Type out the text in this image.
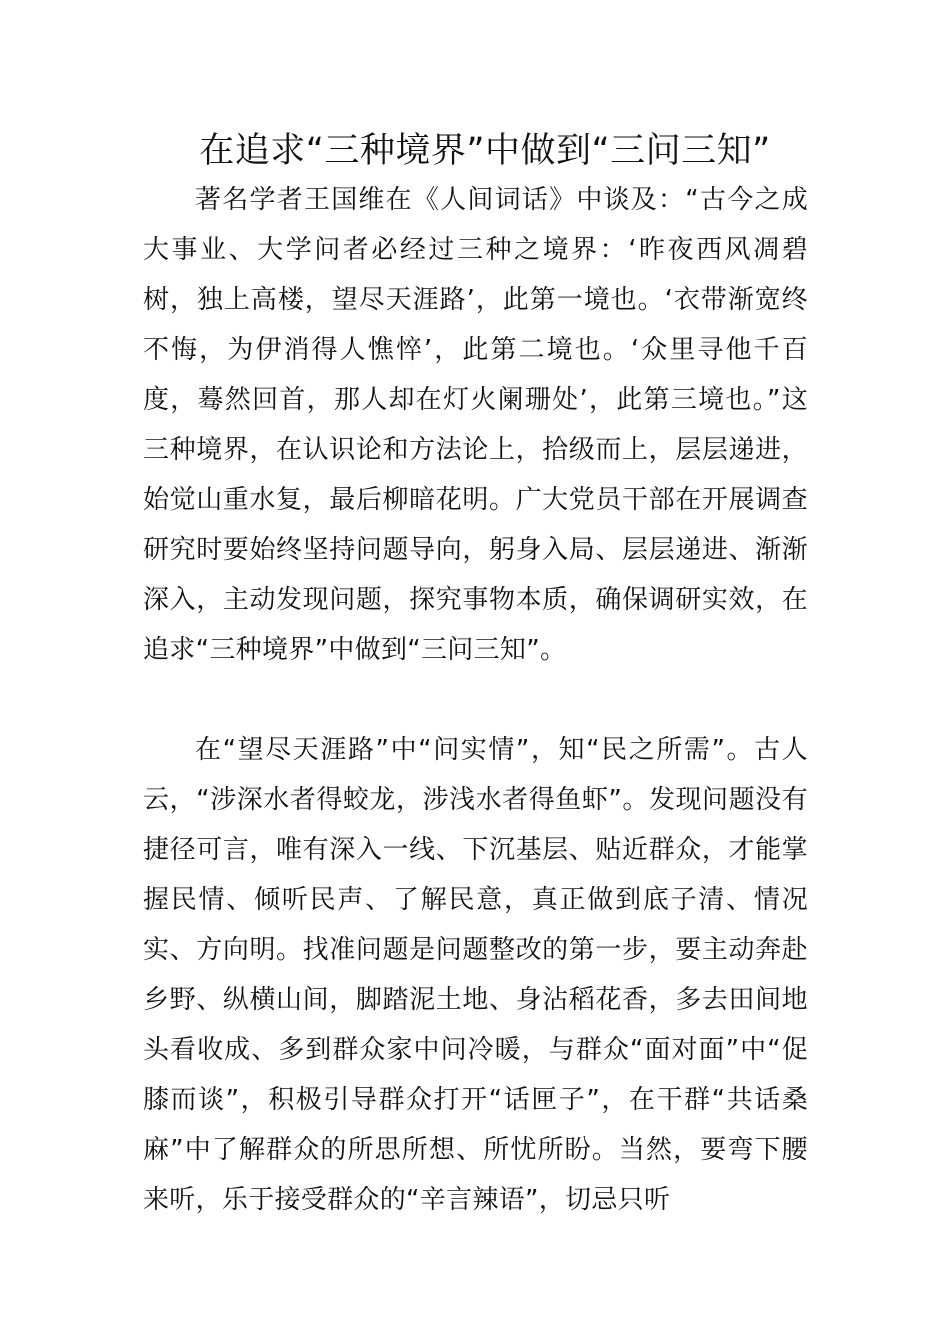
在追求“三种境界”中做到“三问三知”

著名学者王国维在《人间词话》中谈及：“古今之成大事业、大学问者必经过三种之境界：‘昨夜西风凋碧树，独上高楼，望尽天涯路’，此第一境也。‘衣带渐宽终不悔，为伊消得人憔悴’，此第二境也。‘众里寻他千百度，蓦然回首，那人却在灯火阑珊处’，此第三境也。”这三种境界，在认识论和方法论上，拾级而上，层层递进，始觉山重水复，最后柳暗花明。广大党员干部在开展调查研究时要始终坚持问题导向，躬身入局、层层递进、渐渐深入，主动发现问题，探究事物本质，确保调研实效，在追求“三种境界”中做到“三问三知”。

在“望尽天涯路”中“问实情”，知“民之所需”。古人云，“涉深水者得蛟龙，涉浅水者得鱼虾”。发现问题没有捷径可言，唯有深入一线、下沉基层、贴近群众，才能掌握民情、倾听民声、了解民意，真正做到底子清、情况实、方向明。找准问题是问题整改的第一步，要主动奔赴乡野、纵横山间，脚踏泥土地、身沾稻花香，多去田间地头看收成、多到群众家中问冷暖，与群众“面对面”中“促膝而谈”，积极引导群众打开“话匣子”，在干群“共话桑麻”中了解群众的所思所想、所忧所盼。当然，要弯下腰来听，乐于接受群众的“辛言辣语”，切忌只听
